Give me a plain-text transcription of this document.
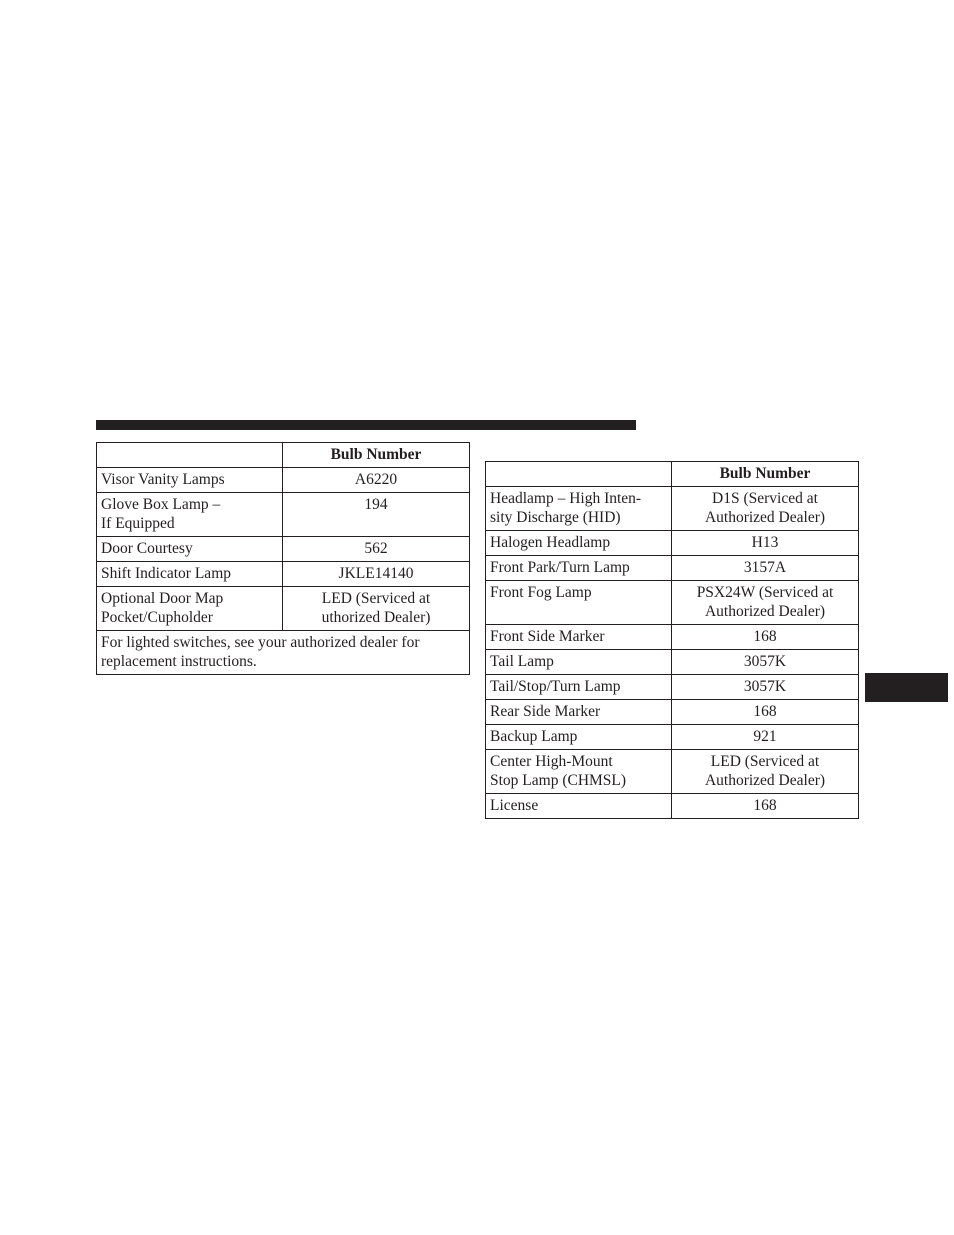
	Bulb Number
Visor Vanity Lamps	A6220
Glove Box Lamp –
If Equipped	194
Door Courtesy	562
Shift Indicator Lamp	JKLE14140
Optional Door Map
Pocket/Cupholder	LED (Serviced at
uthorized Dealer)
For lighted switches, see your authorized dealer for
replacement instructions.	
	Bulb Number
Headlamp – High Inten-
sity Discharge (HID)	D1S (Serviced at
Authorized Dealer)
Halogen Headlamp	H13
Front Park/Turn Lamp	3157A
Front Fog Lamp	PSX24W (Serviced at
Authorized Dealer)
Front Side Marker	168
Tail Lamp	3057K
Tail/Stop/Turn Lamp	3057K
Rear Side Marker	168
Backup Lamp	921
Center High-Mount
Stop Lamp (CHMSL)	LED (Serviced at
Authorized Dealer)
License	168
